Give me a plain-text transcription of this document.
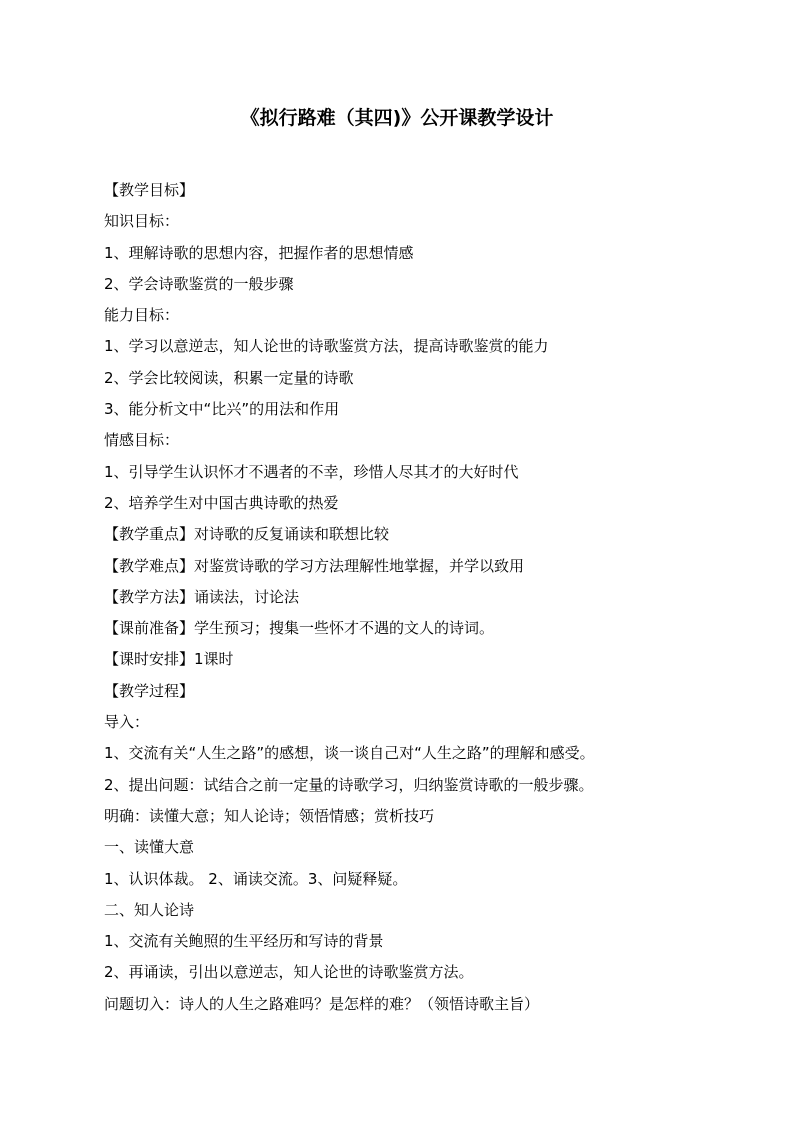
《拟行路难（其四)》公开课教学设计
【教学目标】
知识目标：
1、理解诗歌的思想内容，把握作者的思想情感
2、学会诗歌鉴赏的一般步骤
能力目标：
1、学习以意逆志，知人论世的诗歌鉴赏方法，提高诗歌鉴赏的能力
2、学会比较阅读，积累一定量的诗歌
3、能分析文中“比兴”的用法和作用
情感目标：
1、引导学生认识怀才不遇者的不幸，珍惜人尽其才的大好时代
2、培养学生对中国古典诗歌的热爱
【教学重点】对诗歌的反复诵读和联想比较
【教学难点】对鉴赏诗歌的学习方法理解性地掌握，并学以致用
【教学方法】诵读法，讨论法
【课前准备】学生预习；搜集一些怀才不遇的文人的诗词。
【课时安排】1课时
【教学过程】
导入：
1、交流有关“人生之路”的感想，谈一谈自己对“人生之路”的理解和感受。
2、提出问题：试结合之前一定量的诗歌学习，归纳鉴赏诗歌的一般步骤。
明确：读懂大意；知人论诗；领悟情感；赏析技巧
一、读懂大意
1、认识体裁。 2、诵读交流。3、问疑释疑。
二、知人论诗
1、交流有关鲍照的生平经历和写诗的背景
2、再诵读，引出以意逆志，知人论世的诗歌鉴赏方法。
问题切入：诗人的人生之路难吗？是怎样的难？（领悟诗歌主旨）
